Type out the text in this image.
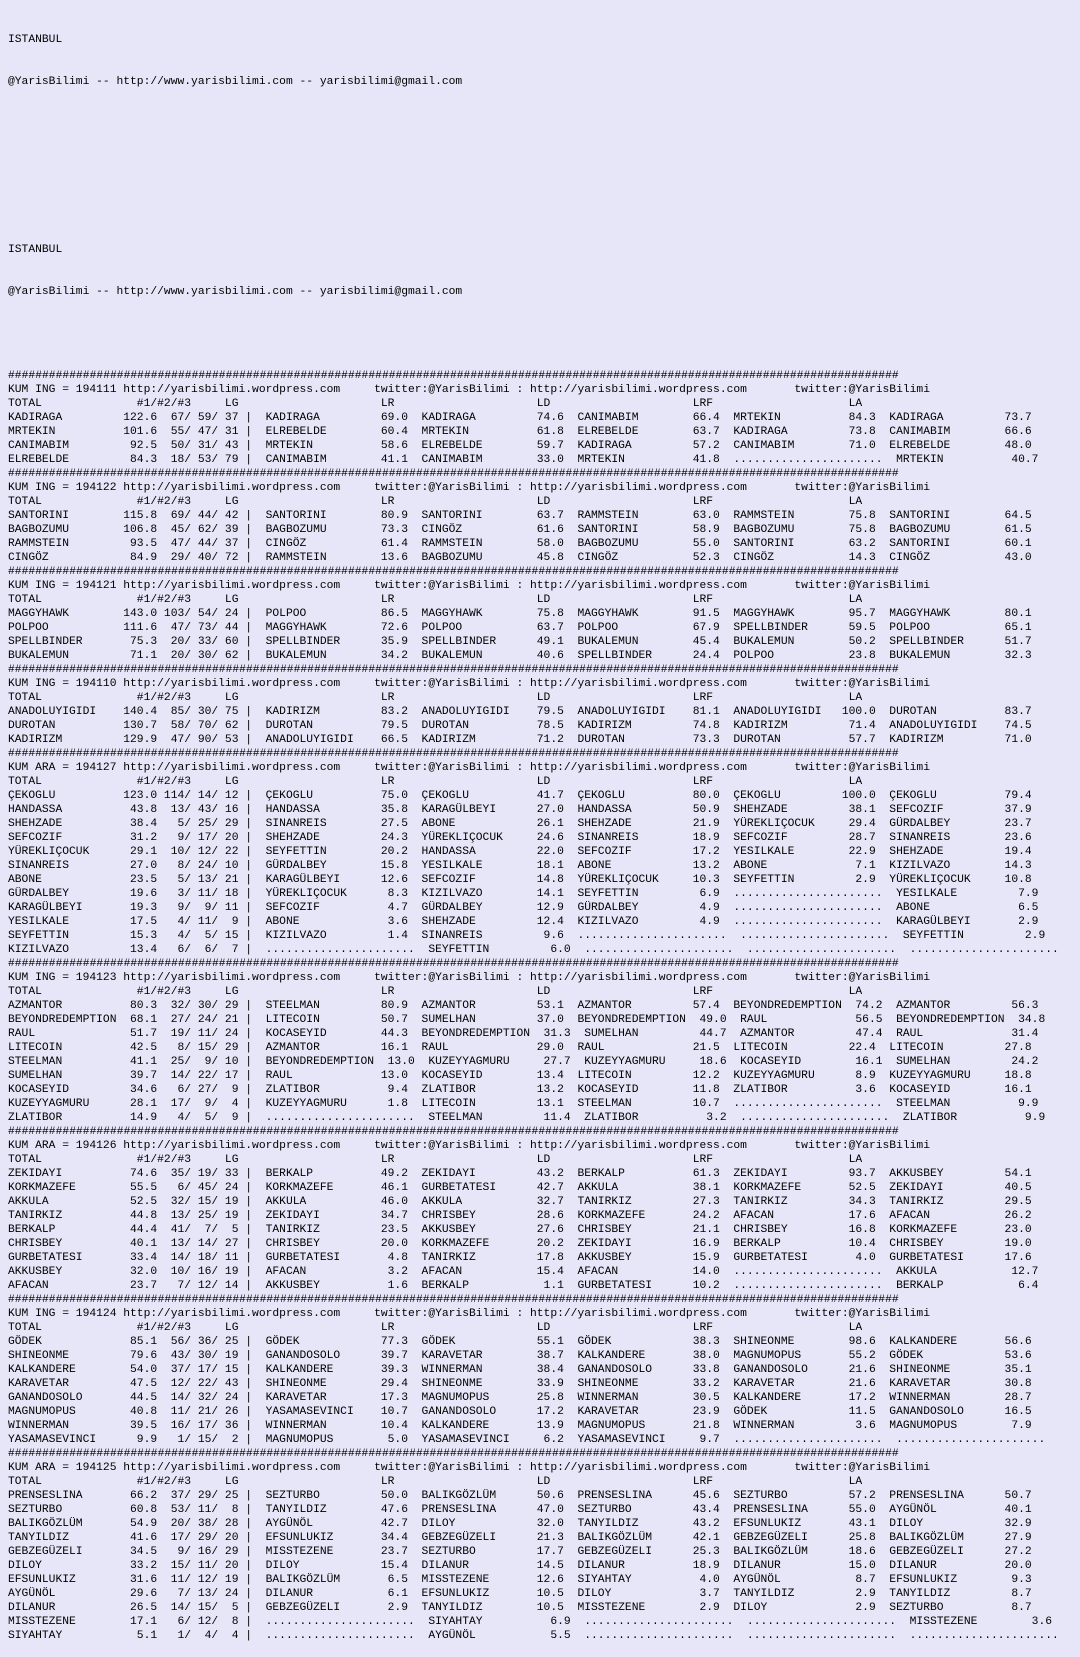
ISTANBUL

@YarisBilimi -- http://www.yarisbilimi.com -- yarisbilimi@gmail.com

ISTANBUL

@YarisBilimi -- http://www.yarisbilimi.com -- yarisbilimi@gmail.com

###################################################################################################################################
KUM ING = 194111 http://yarisbilimi.wordpress.com     twitter:@YarisBilimi : http://yarisbilimi.wordpress.com       twitter:@YarisBilimi
TOTAL              #1/#2/#3     LG                     LR                     LD                     LRF                    LA
KADIRAGA         122.6  67/ 59/ 37 |  KADIRAGA         69.0  KADIRAGA         74.6  CANIMABIM        66.4  MRTEKIN          84.3  KADIRAGA         73.7
MRTEKIN          101.6  55/ 47/ 31 |  ELREBELDE        60.4  MRTEKIN          61.8  ELREBELDE        63.7  KADIRAGA         73.8  CANIMABIM        66.6
CANIMABIM         92.5  50/ 31/ 43 |  MRTEKIN          58.6  ELREBELDE        59.7  KADIRAGA         57.2  CANIMABIM        71.0  ELREBELDE        48.0
ELREBELDE         84.3  18/ 53/ 79 |  CANIMABIM        41.1  CANIMABIM        33.0  MRTEKIN          41.8  ......................  MRTEKIN          40.7
###################################################################################################################################
KUM ING = 194122 http://yarisbilimi.wordpress.com     twitter:@YarisBilimi : http://yarisbilimi.wordpress.com       twitter:@YarisBilimi
TOTAL              #1/#2/#3     LG                     LR                     LD                     LRF                    LA
SANTORINI        115.8  69/ 44/ 42 |  SANTORINI        80.9  SANTORINI        63.7  RAMMSTEIN        63.0  RAMMSTEIN        75.8  SANTORINI        64.5
BAGBOZUMU        106.8  45/ 62/ 39 |  BAGBOZUMU        73.3  CINGÖZ           61.6  SANTORINI        58.9  BAGBOZUMU        75.8  BAGBOZUMU        61.5
RAMMSTEIN         93.5  47/ 44/ 37 |  CINGÖZ           61.4  RAMMSTEIN        58.0  BAGBOZUMU        55.0  SANTORINI        63.2  SANTORINI        60.1
CINGÖZ            84.9  29/ 40/ 72 |  RAMMSTEIN        13.6  BAGBOZUMU        45.8  CINGÖZ           52.3  CINGÖZ           14.3  CINGÖZ           43.0
###################################################################################################################################
KUM ING = 194121 http://yarisbilimi.wordpress.com     twitter:@YarisBilimi : http://yarisbilimi.wordpress.com       twitter:@YarisBilimi
TOTAL              #1/#2/#3     LG                     LR                     LD                     LRF                    LA
MAGGYHAWK        143.0 103/ 54/ 24 |  POLPOO           86.5  MAGGYHAWK        75.8  MAGGYHAWK        91.5  MAGGYHAWK        95.7  MAGGYHAWK        80.1
POLPOO           111.6  47/ 73/ 44 |  MAGGYHAWK        72.6  POLPOO           63.7  POLPOO           67.9  SPELLBINDER      59.5  POLPOO           65.1
SPELLBINDER       75.3  20/ 33/ 60 |  SPELLBINDER      35.9  SPELLBINDER      49.1  BUKALEMUN        45.4  BUKALEMUN        50.2  SPELLBINDER      51.7
BUKALEMUN         71.1  20/ 30/ 62 |  BUKALEMUN        34.2  BUKALEMUN        40.6  SPELLBINDER      24.4  POLPOO           23.8  BUKALEMUN        32.3
###################################################################################################################################
KUM ING = 194110 http://yarisbilimi.wordpress.com     twitter:@YarisBilimi : http://yarisbilimi.wordpress.com       twitter:@YarisBilimi
TOTAL              #1/#2/#3     LG                     LR                     LD                     LRF                    LA
ANADOLUYIGIDI    140.4  85/ 30/ 75 |  KADIRIZM         83.2  ANADOLUYIGIDI    79.5  ANADOLUYIGIDI    81.1  ANADOLUYIGIDI   100.0  DUROTAN          83.7
DUROTAN          130.7  58/ 70/ 62 |  DUROTAN          79.5  DUROTAN          78.5  KADIRIZM         74.8  KADIRIZM         71.4  ANADOLUYIGIDI    74.5
KADIRIZM         129.9  47/ 90/ 53 |  ANADOLUYIGIDI    66.5  KADIRIZM         71.2  DUROTAN          73.3  DUROTAN          57.7  KADIRIZM         71.0
###################################################################################################################################
KUM ARA = 194127 http://yarisbilimi.wordpress.com     twitter:@YarisBilimi : http://yarisbilimi.wordpress.com       twitter:@YarisBilimi
TOTAL              #1/#2/#3     LG                     LR                     LD                     LRF                    LA
ÇEKOGLU          123.0 114/ 14/ 12 |  ÇEKOGLU          75.0  ÇEKOGLU          41.7  ÇEKOGLU          80.0  ÇEKOGLU         100.0  ÇEKOGLU          79.4
HANDASSA          43.8  13/ 43/ 16 |  HANDASSA         35.8  KARAGÜLBEYI      27.0  HANDASSA         50.9  SHEHZADE         38.1  SEFCOZIF         37.9
SHEHZADE          38.4   5/ 25/ 29 |  SINANREIS        27.5  ABONE            26.1  SHEHZADE         21.9  YÜREKLIÇOCUK     29.4  GÜRDALBEY        23.7
SEFCOZIF          31.2   9/ 17/ 20 |  SHEHZADE         24.3  YÜREKLIÇOCUK     24.6  SINANREIS        18.9  SEFCOZIF         28.7  SINANREIS        23.6
YÜREKLIÇOCUK      29.1  10/ 12/ 22 |  SEYFETTIN        20.2  HANDASSA         22.0  SEFCOZIF         17.2  YESILKALE        22.9  SHEHZADE         19.4
SINANREIS         27.0   8/ 24/ 10 |  GÜRDALBEY        15.8  YESILKALE        18.1  ABONE            13.2  ABONE             7.1  KIZILVAZO        14.3
ABONE             23.5   5/ 13/ 21 |  KARAGÜLBEYI      12.6  SEFCOZIF         14.8  YÜREKLIÇOCUK     10.3  SEYFETTIN         2.9  YÜREKLIÇOCUK     10.8
GÜRDALBEY         19.6   3/ 11/ 18 |  YÜREKLIÇOCUK      8.3  KIZILVAZO        14.1  SEYFETTIN         6.9  ......................  YESILKALE         7.9
KARAGÜLBEYI       19.3   9/  9/ 11 |  SEFCOZIF          4.7  GÜRDALBEY        12.9  GÜRDALBEY         4.9  ......................  ABONE             6.5
YESILKALE         17.5   4/ 11/  9 |  ABONE             3.6  SHEHZADE         12.4  KIZILVAZO         4.9  ......................  KARAGÜLBEYI       2.9
SEYFETTIN         15.3   4/  5/ 15 |  KIZILVAZO         1.4  SINANREIS         9.6  ......................  ......................  SEYFETTIN         2.9
KIZILVAZO         13.4   6/  6/  7 |  ......................  SEYFETTIN         6.0  ......................  ......................  ......................
###################################################################################################################################
KUM ING = 194123 http://yarisbilimi.wordpress.com     twitter:@YarisBilimi : http://yarisbilimi.wordpress.com       twitter:@YarisBilimi
TOTAL              #1/#2/#3     LG                     LR                     LD                     LRF                    LA
AZMANTOR          80.3  32/ 30/ 29 |  STEELMAN         80.9  AZMANTOR         53.1  AZMANTOR         57.4  BEYONDREDEMPTION  74.2  AZMANTOR         56.3
BEYONDREDEMPTION  68.1  27/ 24/ 21 |  LITECOIN         50.7  SUMELHAN         37.0  BEYONDREDEMPTION  49.0  RAUL             56.5  BEYONDREDEMPTION  34.8
RAUL              51.7  19/ 11/ 24 |  KOCASEYID        44.3  BEYONDREDEMPTION  31.3  SUMELHAN         44.7  AZMANTOR         47.4  RAUL             31.4
LITECOIN          42.5   8/ 15/ 29 |  AZMANTOR         16.1  RAUL             29.0  RAUL             21.5  LITECOIN         22.4  LITECOIN         27.8
STEELMAN          41.1  25/  9/ 10 |  BEYONDREDEMPTION  13.0  KUZEYYAGMURU     27.7  KUZEYYAGMURU     18.6  KOCASEYID        16.1  SUMELHAN         24.2
SUMELHAN          39.7  14/ 22/ 17 |  RAUL             13.0  KOCASEYID        13.4  LITECOIN         12.2  KUZEYYAGMURU      8.9  KUZEYYAGMURU     18.8
KOCASEYID         34.6   6/ 27/  9 |  ZLATIBOR          9.4  ZLATIBOR         13.2  KOCASEYID        11.8  ZLATIBOR          3.6  KOCASEYID        16.1
KUZEYYAGMURU      28.1  17/  9/  4 |  KUZEYYAGMURU      1.8  LITECOIN         13.1  STEELMAN         10.7  ......................  STEELMAN          9.9
ZLATIBOR          14.9   4/  5/  9 |  ......................  STEELMAN         11.4  ZLATIBOR          3.2  ......................  ZLATIBOR          9.9
###################################################################################################################################
KUM ARA = 194126 http://yarisbilimi.wordpress.com     twitter:@YarisBilimi : http://yarisbilimi.wordpress.com       twitter:@YarisBilimi
TOTAL              #1/#2/#3     LG                     LR                     LD                     LRF                    LA
ZEKIDAYI          74.6  35/ 19/ 33 |  BERKALP          49.2  ZEKIDAYI         43.2  BERKALP          61.3  ZEKIDAYI         93.7  AKKUSBEY         54.1
KORKMAZEFE        55.5   6/ 45/ 24 |  KORKMAZEFE       46.1  GURBETATESI      42.7  AKKULA           38.1  KORKMAZEFE       52.5  ZEKIDAYI         40.5
AKKULA            52.5  32/ 15/ 19 |  AKKULA           46.0  AKKULA           32.7  TANIRKIZ         27.3  TANIRKIZ         34.3  TANIRKIZ         29.5
TANIRKIZ          44.8  13/ 25/ 19 |  ZEKIDAYI         34.7  CHRISBEY         28.6  KORKMAZEFE       24.2  AFACAN           17.6  AFACAN           26.2
BERKALP           44.4  41/  7/  5 |  TANIRKIZ         23.5  AKKUSBEY         27.6  CHRISBEY         21.1  CHRISBEY         16.8  KORKMAZEFE       23.0
CHRISBEY          40.1  13/ 14/ 27 |  CHRISBEY         20.0  KORKMAZEFE       20.2  ZEKIDAYI         16.9  BERKALP          10.4  CHRISBEY         19.0
GURBETATESI       33.4  14/ 18/ 11 |  GURBETATESI       4.8  TANIRKIZ         17.8  AKKUSBEY         15.9  GURBETATESI       4.0  GURBETATESI      17.6
AKKUSBEY          32.0  10/ 16/ 19 |  AFACAN            3.2  AFACAN           15.4  AFACAN           14.0  ......................  AKKULA           12.7
AFACAN            23.7   7/ 12/ 14 |  AKKUSBEY          1.6  BERKALP           1.1  GURBETATESI      10.2  ......................  BERKALP           6.4
###################################################################################################################################
KUM ING = 194124 http://yarisbilimi.wordpress.com     twitter:@YarisBilimi : http://yarisbilimi.wordpress.com       twitter:@YarisBilimi
TOTAL              #1/#2/#3     LG                     LR                     LD                     LRF                    LA
GÖDEK             85.1  56/ 36/ 25 |  GÖDEK            77.3  GÖDEK            55.1  GÖDEK            38.3  SHINEONME        98.6  KALKANDERE       56.6
SHINEONME         79.6  43/ 30/ 19 |  GANANDOSOLO      39.7  KARAVETAR        38.7  KALKANDERE       38.0  MAGNUMOPUS       55.2  GÖDEK            53.6
KALKANDERE        54.0  37/ 17/ 15 |  KALKANDERE       39.3  WINNERMAN        38.4  GANANDOSOLO      33.8  GANANDOSOLO      21.6  SHINEONME        35.1
KARAVETAR         47.5  12/ 22/ 43 |  SHINEONME        29.4  SHINEONME        33.9  SHINEONME        33.2  KARAVETAR        21.6  KARAVETAR        30.8
GANANDOSOLO       44.5  14/ 32/ 24 |  KARAVETAR        17.3  MAGNUMOPUS       25.8  WINNERMAN        30.5  KALKANDERE       17.2  WINNERMAN        28.7
MAGNUMOPUS        40.8  11/ 21/ 26 |  YASAMASEVINCI    10.7  GANANDOSOLO      17.2  KARAVETAR        23.9  GÖDEK            11.5  GANANDOSOLO      16.5
WINNERMAN         39.5  16/ 17/ 36 |  WINNERMAN        10.4  KALKANDERE       13.9  MAGNUMOPUS       21.8  WINNERMAN         3.6  MAGNUMOPUS        7.9
YASAMASEVINCI      9.9   1/ 15/  2 |  MAGNUMOPUS        5.0  YASAMASEVINCI     6.2  YASAMASEVINCI     9.7  ......................  ......................
###################################################################################################################################
KUM ARA = 194125 http://yarisbilimi.wordpress.com     twitter:@YarisBilimi : http://yarisbilimi.wordpress.com       twitter:@YarisBilimi
TOTAL              #1/#2/#3     LG                     LR                     LD                     LRF                    LA
PRENSESLINA       66.2  37/ 29/ 25 |  SEZTURBO         50.0  BALIKGÖZLÜM      50.6  PRENSESLINA      45.6  SEZTURBO         57.2  PRENSESLINA      50.7
SEZTURBO          60.8  53/ 11/  8 |  TANYILDIZ        47.6  PRENSESLINA      47.0  SEZTURBO         43.4  PRENSESLINA      55.0  AYGÜNÖL          40.1
BALIKGÖZLÜM       54.9  20/ 38/ 28 |  AYGÜNÖL          42.7  DILOY            32.0  TANYILDIZ        43.2  EFSUNLUKIZ       43.1  DILOY            32.9
TANYILDIZ         41.6  17/ 29/ 20 |  EFSUNLUKIZ       34.4  GEBZEGÜZELI      21.3  BALIKGÖZLÜM      42.1  GEBZEGÜZELI      25.8  BALIKGÖZLÜM      27.9
GEBZEGÜZELI       34.5   9/ 16/ 29 |  MISSTEZENE       23.7  SEZTURBO         17.7  GEBZEGÜZELI      25.3  BALIKGÖZLÜM      18.6  GEBZEGÜZELI      27.2
DILOY             33.2  15/ 11/ 20 |  DILOY            15.4  DILANUR          14.5  DILANUR          18.9  DILANUR          15.0  DILANUR          20.0
EFSUNLUKIZ        31.6  11/ 12/ 19 |  BALIKGÖZLÜM       6.5  MISSTEZENE       12.6  SIYAHTAY          4.0  AYGÜNÖL           8.7  EFSUNLUKIZ        9.3
AYGÜNÖL           29.6   7/ 13/ 24 |  DILANUR           6.1  EFSUNLUKIZ       10.5  DILOY             3.7  TANYILDIZ         2.9  TANYILDIZ         8.7
DILANUR           26.5  14/ 15/  5 |  GEBZEGÜZELI       2.9  TANYILDIZ        10.5  MISSTEZENE        2.9  DILOY             2.9  SEZTURBO          8.7
MISSTEZENE        17.1   6/ 12/  8 |  ......................  SIYAHTAY          6.9  ......................  ......................  MISSTEZENE        3.6
SIYAHTAY           5.1   1/  4/  4 |  ......................  AYGÜNÖL           5.5  ......................  ......................  ......................
